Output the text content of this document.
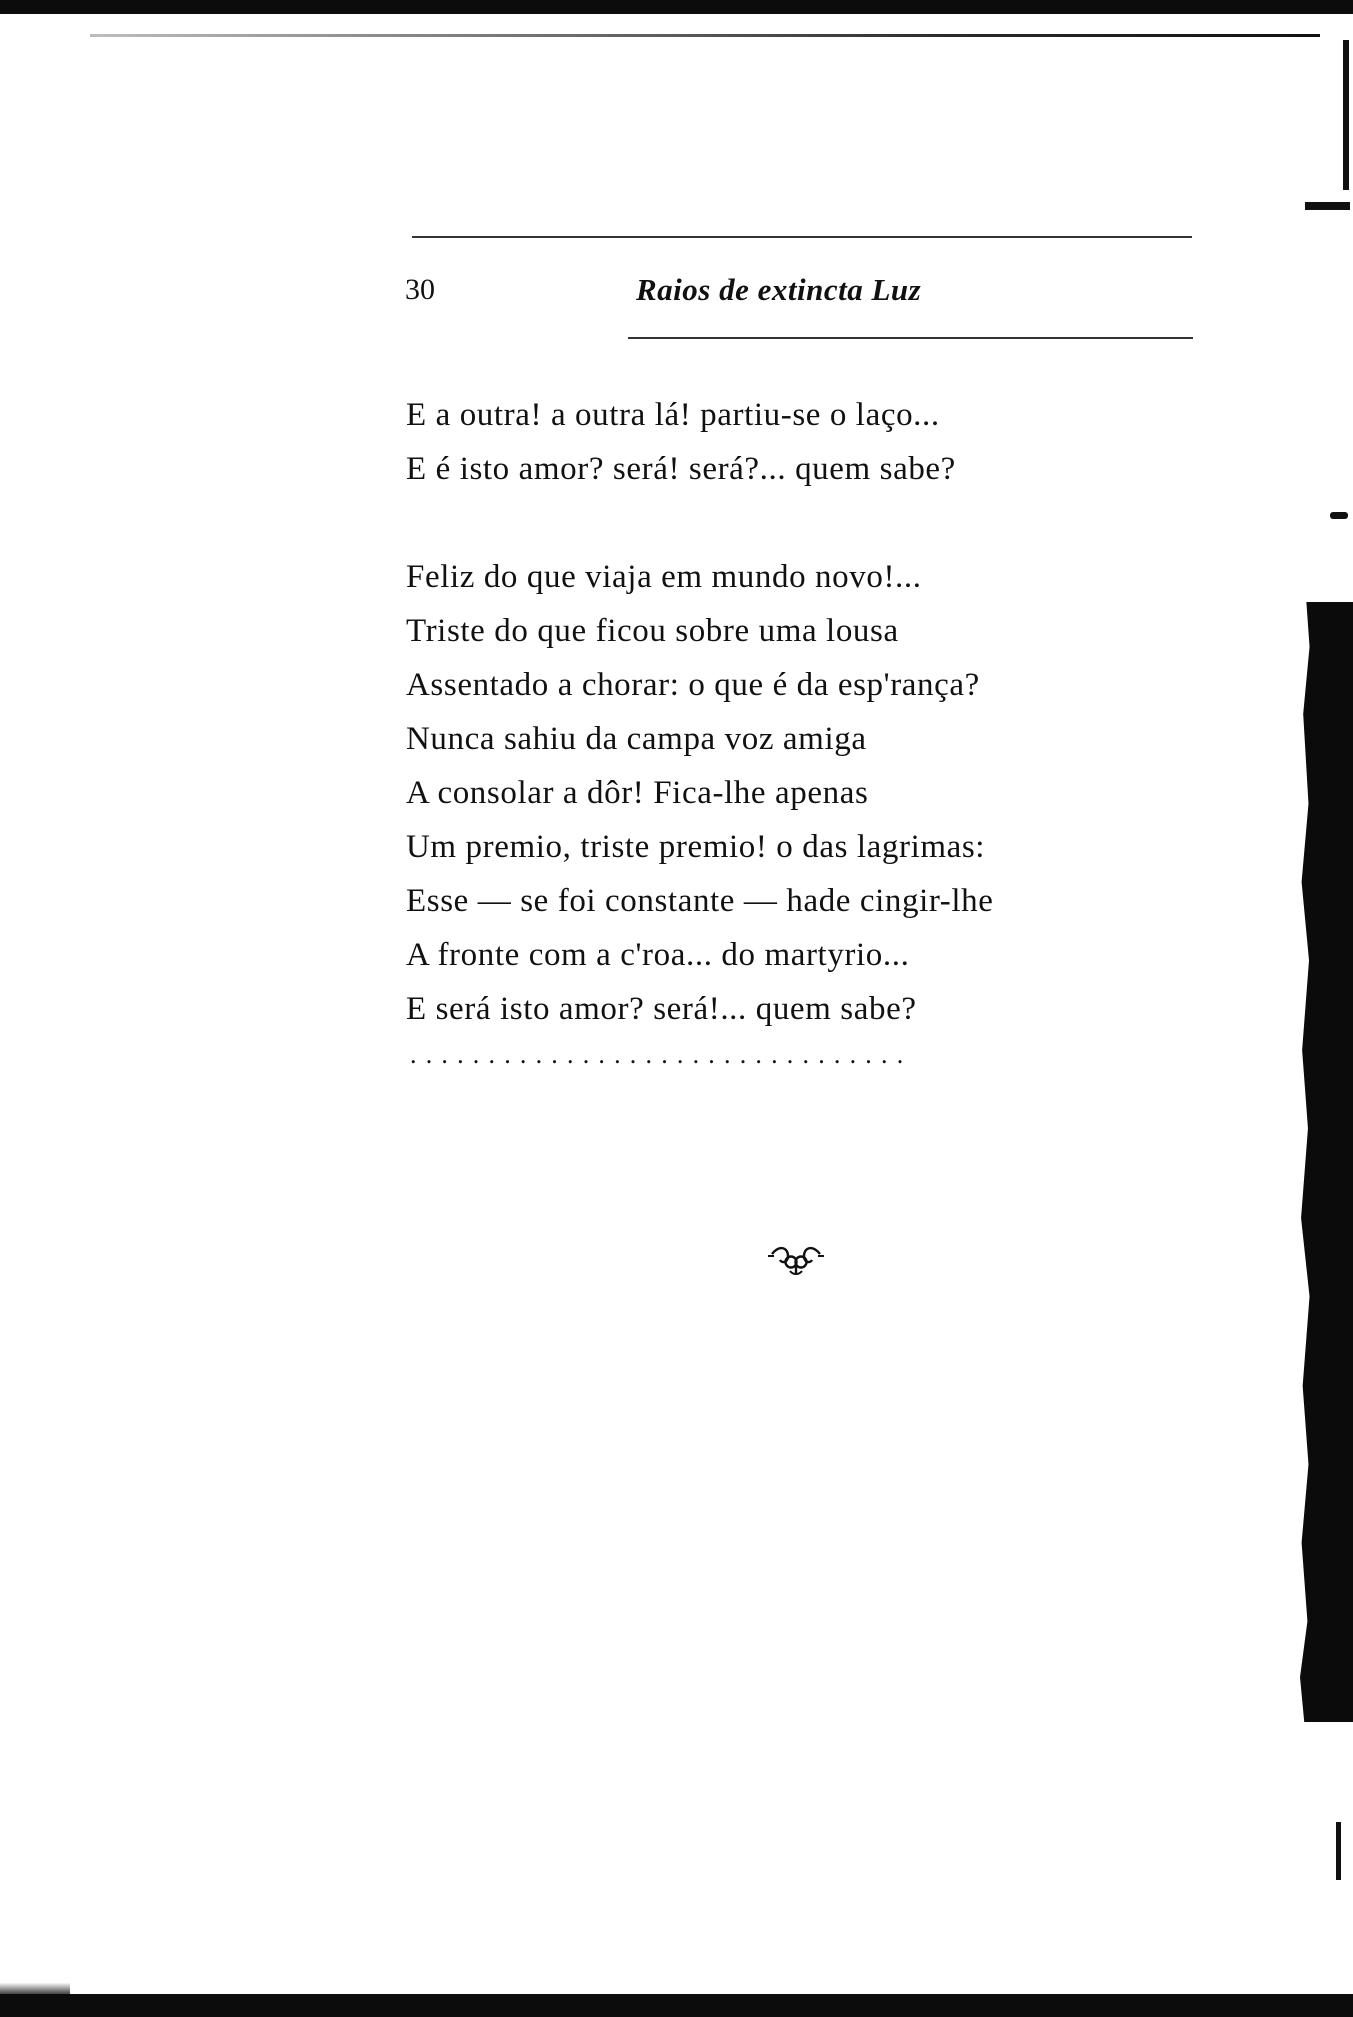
30	Raios de extincta Luz
E a outra! a outra lá! partiu-se o laço...
E é isto amor? será! será?... quem sabe?
Feliz do que viaja em mundo novo!...
Triste do que ficou sobre uma lousa
Assentado a chorar: o que é da esp'rança?
Nunca sahiu da campa voz amiga
A consolar a dôr! Fica-lhe apenas
Um premio, triste premio! o das lagrimas:
Esse — se foi constante — hade cingir-lhe
A fronte com a c'roa... do martyrio...
E será isto amor? será!... quem sabe?
................................
